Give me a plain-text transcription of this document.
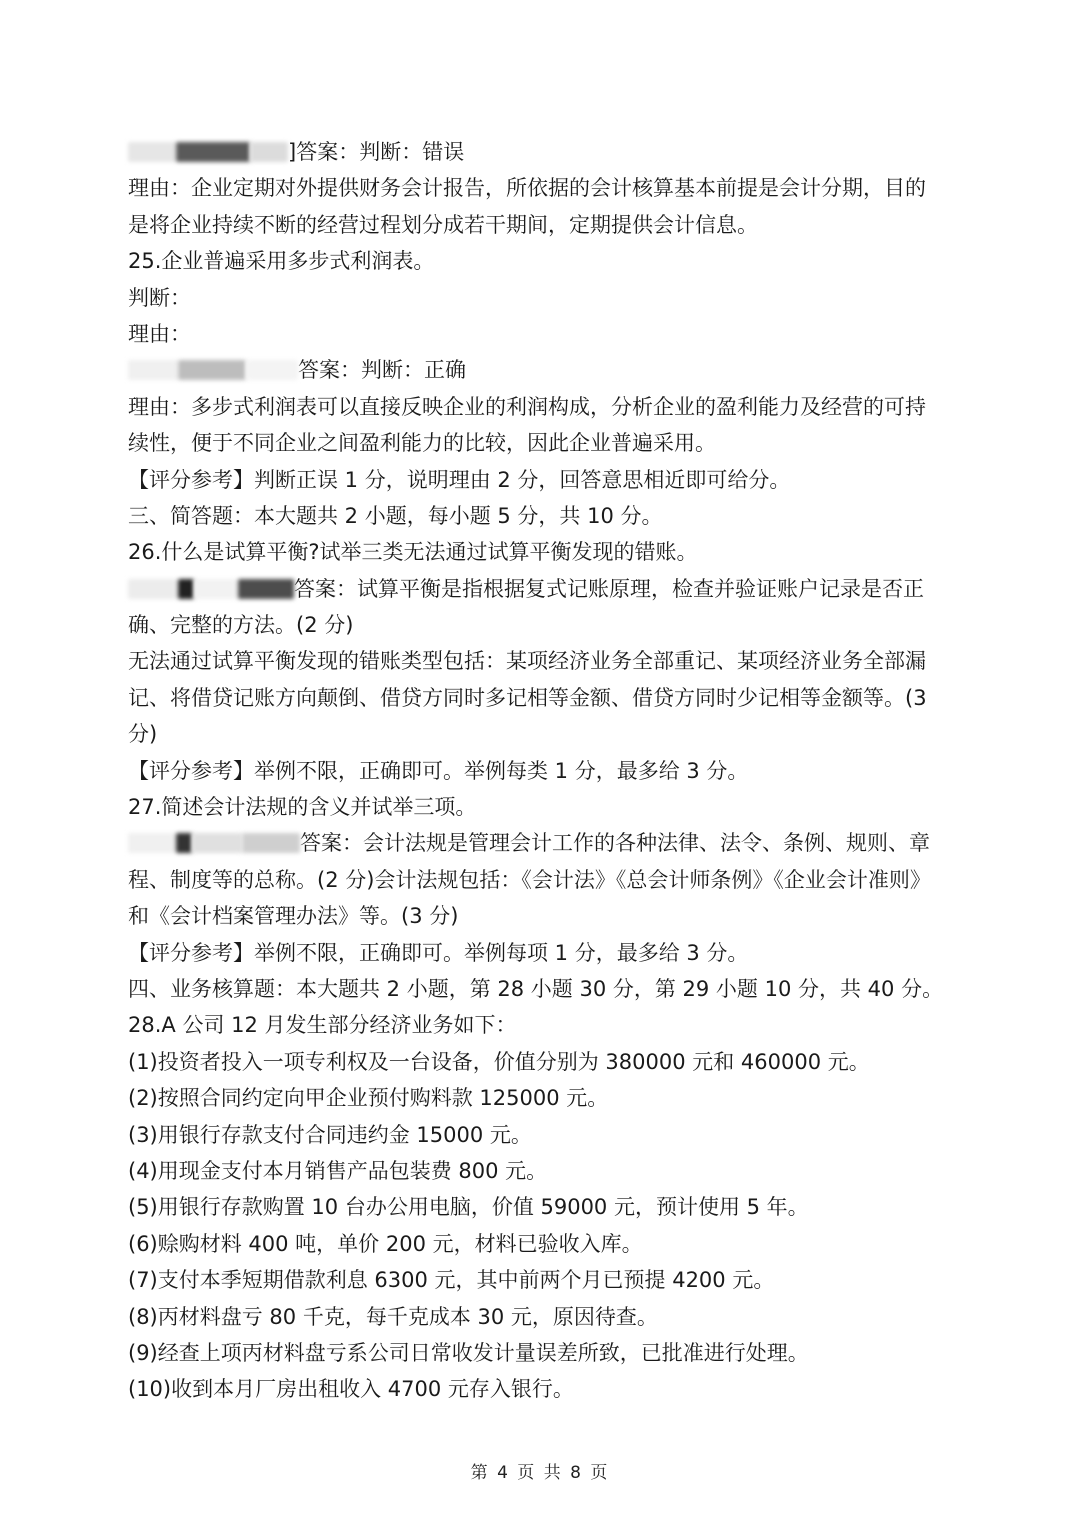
]答案：判断：错误
理由：企业定期对外提供财务会计报告，所依据的会计核算基本前提是会计分期，目的
是将企业持续不断的经营过程划分成若干期间，定期提供会计信息。
25.企业普遍采用多步式利润表。
判断：
理由：
答案：判断：正确
理由：多步式利润表可以直接反映企业的利润构成，分析企业的盈利能力及经营的可持
续性，便于不同企业之间盈利能力的比较，因此企业普遍采用。
【评分参考】判断正误 1 分，说明理由 2 分，回答意思相近即可给分。
三、简答题：本大题共 2 小题，每小题 5 分，共 10 分。
26.什么是试算平衡?试举三类无法通过试算平衡发现的错账。
答案：试算平衡是指根据复式记账原理，检查并验证账户记录是否正
确、完整的方法。(2 分)
无法通过试算平衡发现的错账类型包括：某项经济业务全部重记、某项经济业务全部漏
记、将借贷记账方向颠倒、借贷方同时多记相等金额、借贷方同时少记相等金额等。(3
分)
【评分参考】举例不限，正确即可。举例每类 1 分，最多给 3 分。
27.简述会计法规的含义并试举三项。
答案：会计法规是管理会计工作的各种法律、法令、条例、规则、章
程、制度等的总称。(2 分)会计法规包括：《会计法》《总会计师条例》《企业会计准则》
和《会计档案管理办法》等。(3 分)
【评分参考】举例不限，正确即可。举例每项 1 分，最多给 3 分。
四、业务核算题：本大题共 2 小题，第 28 小题 30 分，第 29 小题 10 分，共 40 分。
28.A 公司 12 月发生部分经济业务如下：
(1)投资者投入一项专利权及一台设备，价值分别为 380000 元和 460000 元。
(2)按照合同约定向甲企业预付购料款 125000 元。
(3)用银行存款支付合同违约金 15000 元。
(4)用现金支付本月销售产品包装费 800 元。
(5)用银行存款购置 10 台办公用电脑，价值 59000 元，预计使用 5 年。
(6)赊购材料 400 吨，单价 200 元，材料已验收入库。
(7)支付本季短期借款利息 6300 元，其中前两个月已预提 4200 元。
(8)丙材料盘亏 80 千克，每千克成本 30 元，原因待查。
(9)经查上项丙材料盘亏系公司日常收发计量误差所致，已批准进行处理。
(10)收到本月厂房出租收入 4700 元存入银行。
第 4 页 共 8 页
